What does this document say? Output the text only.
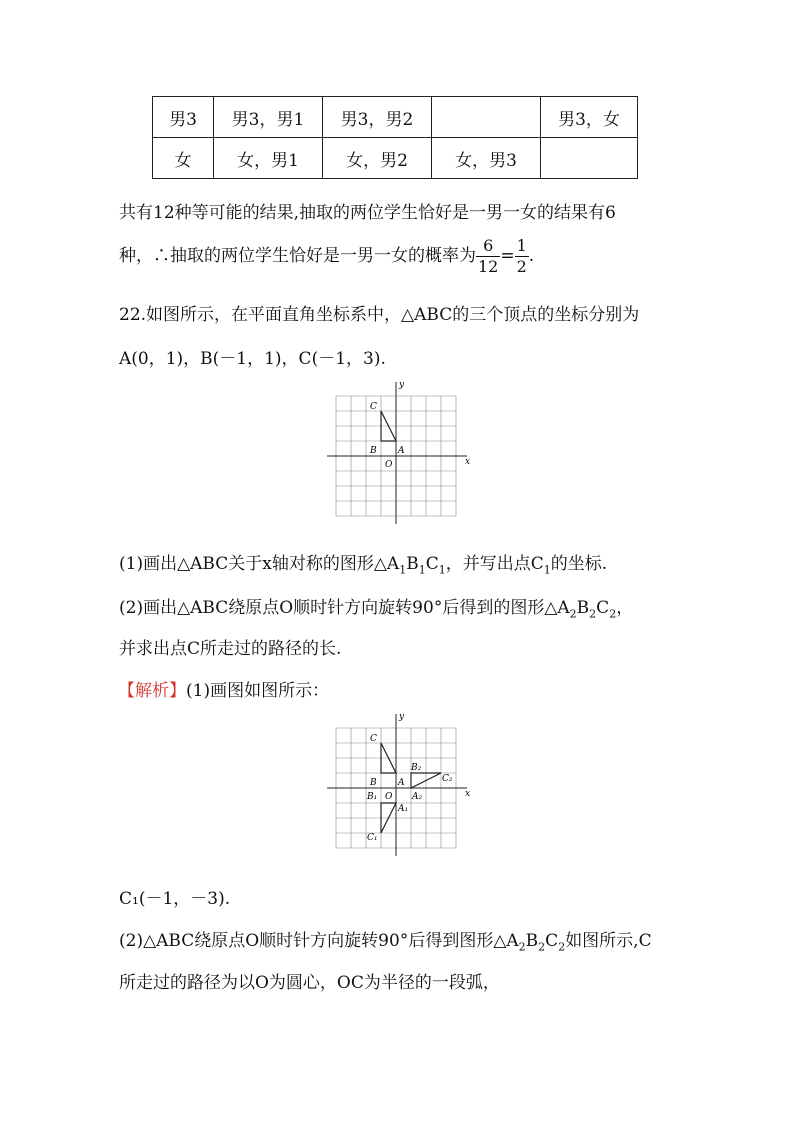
男3	男3，男1	男3，男2		男3，女
女	女，男1	女，男2	女，男3	
共有12种等可能的结果,抽取的两位学生恰好是一男一女的结果有6
种，∴抽取的两位学生恰好是一男一女的概率为 $\frac{6}{12} = \frac{1}{2}$ .
22.如图所示，在平面直角坐标系中，△ABC的三个顶点的坐标分别为
A(0，1)，B(－1，1)，C(－1，3).
x
y
O
A
B
C
(1)画出△ABC关于x轴对称的图形$\triangle A_1B_1C_1$，并写出点$C_1$的坐标.
(2)画出△ABC绕原点O顺时针方向旋转90°后得到的图形$\triangle A_2B_2C_2$，
并求出点C所走过的路径的长.
【解析】(1)画图如图所示：
x
y
O
A
B
C
A₁
B₁
C₁
A₂
B₂
C₂
C₁(－1，－3).
(2)△ABC绕原点O顺时针方向旋转90°后得到图形$\triangle A_2B_2C_2$如图所示,C
所走过的路径为以O为圆心，OC为半径的一段弧，
